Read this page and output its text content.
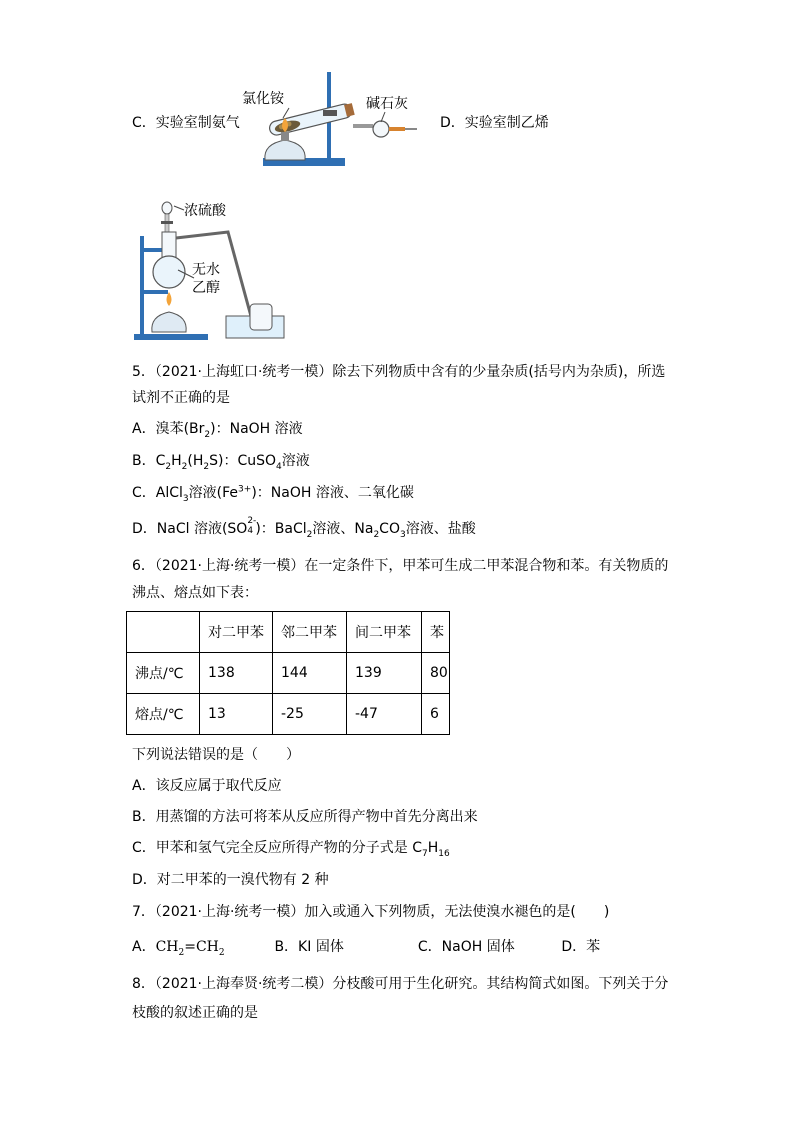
C．实验室制氨气	D．实验室制乙烯
氯化铵	碱石灰
浓硫酸
无水
乙醇
5．（2021·上海虹口·统考一模）除去下列物质中含有的少量杂质(括号内为杂质)，所选
试剂不正确的是
A．溴苯$(Br_2)$：NaOH 溶液
B．$C_2H_2(H_2S)$：CuSO$_4$溶液
C．AlCl$_3$溶液$(Fe^{3+})$：NaOH 溶液、二氧化碳
D．NaCl 溶液(SO 2-
4 )：BaCl$_2$溶液、$Na_2CO_3$溶液、盐酸
6．（2021·上海·统考一模）在一定条件下，甲苯可生成二甲苯混合物和苯。有关物质的
沸点、熔点如下表：
	对二甲苯	邻二甲苯	间二甲苯	苯
沸点/℃	138	144	139	80
熔点/℃	13	-25	-47	6
下列说法错误的是（　　）
A．该反应属于取代反应
B．用蒸馏的方法可将苯从反应所得产物中首先分离出来
C．甲苯和氢气完全反应所得产物的分子式是 $C_7H_{16}$
D．对二甲苯的一溴代物有 2 种
7．（2021·上海·统考一模）加入或通入下列物质，无法使溴水褪色的是(　　)
A．$CH_2=CH_2$	B．KI 固体	C．NaOH 固体	D．苯
8．（2021·上海奉贤·统考二模）分枝酸可用于生化研究。其结构简式如图。下列关于分
枝酸的叙述正确的是
